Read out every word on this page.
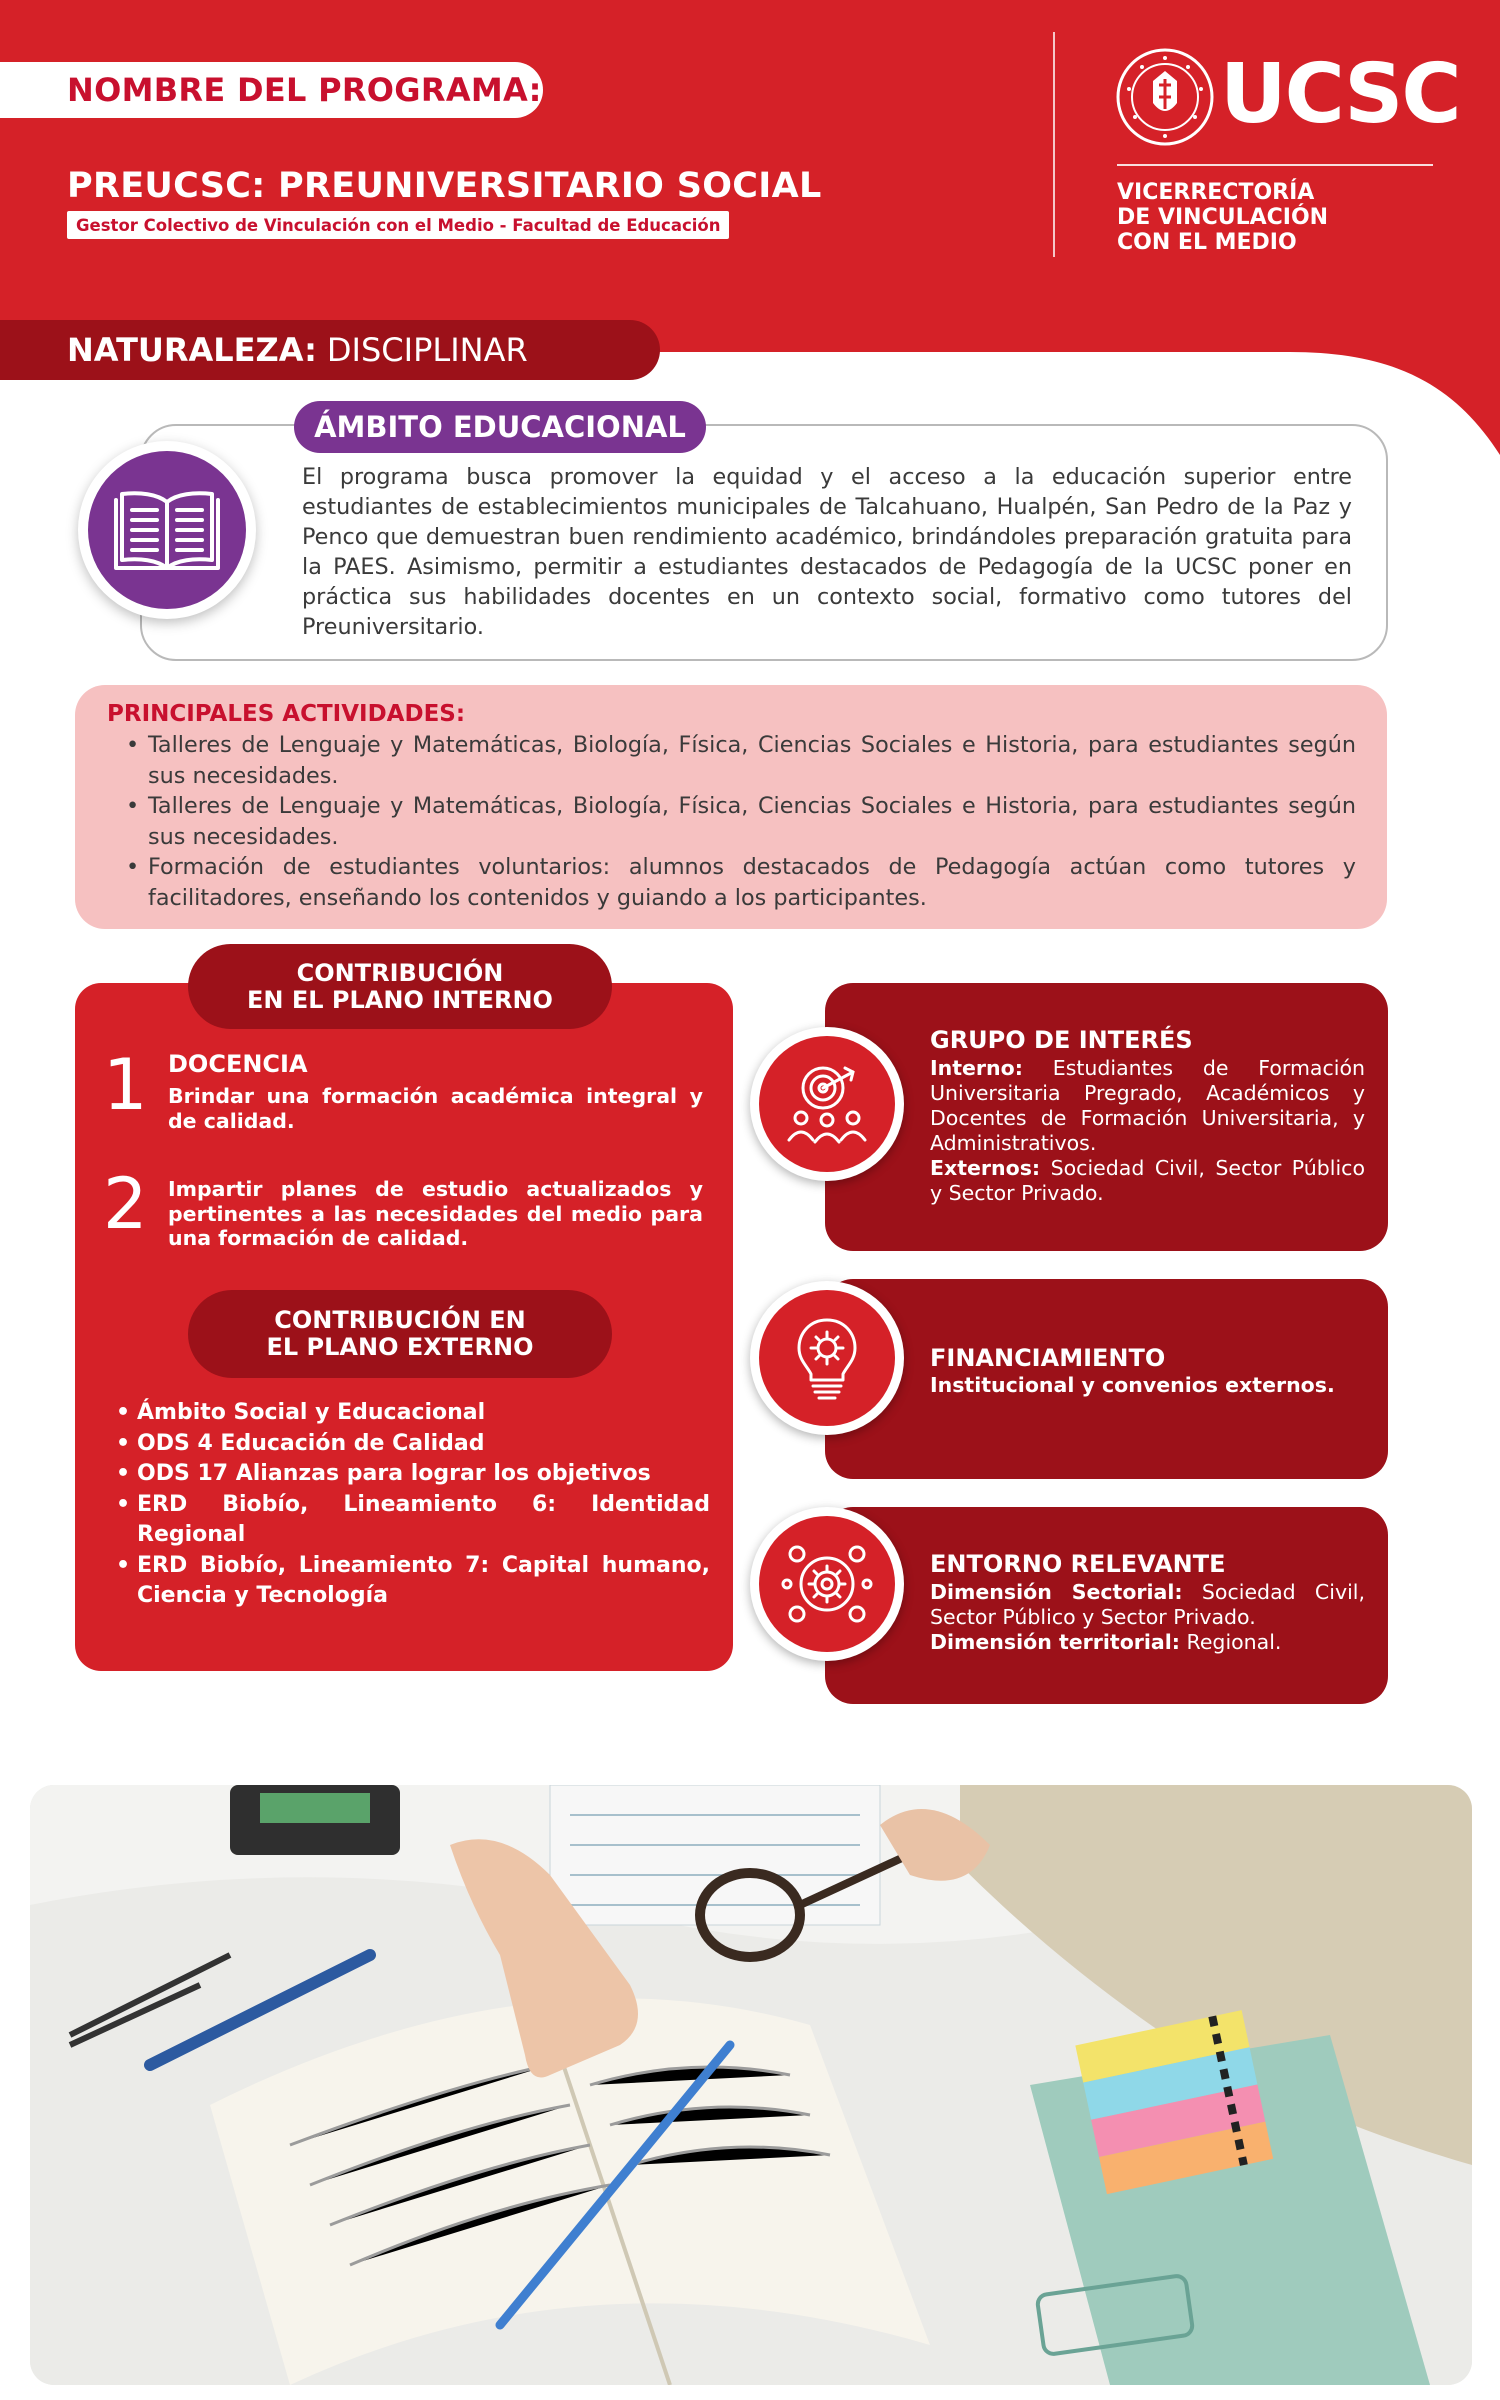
NOMBRE DEL PROGRAMA:
PREUCSC: PREUNIVERSITARIO SOCIAL
Gestor Colectivo de Vinculación con el Medio - Facultad de Educación
UCSC
VICERRECTORÍA
DE VINCULACIÓN
CON EL MEDIO
NATURALEZA: DISCIPLINAR
ÁMBITO EDUCACIONAL
El programa busca promover la equidad y el acceso a la educación superior entre estudiantes de establecimientos municipales de Talcahuano, Hualpén, San Pedro de la Paz y Penco que demuestran buen rendimiento académico, brindándoles preparación gratuita para la PAES. Asimismo, permitir a estudiantes destacados de Pedagogía de la UCSC poner en práctica sus habilidades docentes en un contexto social, formativo como tutores del Preuniversitario.
PRINCIPALES ACTIVIDADES:
• Talleres de Lenguaje y Matemáticas, Biología, Física, Ciencias Sociales e Historia, para estudiantes según sus necesidades.
• Talleres de Lenguaje y Matemáticas, Biología, Física, Ciencias Sociales e Historia, para estudiantes según sus necesidades.
• Formación de estudiantes voluntarios: alumnos destacados de Pedagogía actúan como tutores y facilitadores, enseñando los contenidos y guiando a los participantes.
CONTRIBUCIÓN
EN EL PLANO INTERNO
1 DOCENCIA
Brindar una formación académica integral y de calidad.
2 Impartir planes de estudio actualizados y pertinentes a las necesidades del medio para una formación de calidad.
CONTRIBUCIÓN EN
EL PLANO EXTERNO
• Ámbito Social y Educacional
• ODS 4 Educación de Calidad
• ODS 17 Alianzas para lograr los objetivos
• ERD Biobío, Lineamiento 6: Identidad Regional
• ERD Biobío, Lineamiento 7: Capital humano, Ciencia y Tecnología
GRUPO DE INTERÉS
Interno: Estudiantes de Formación Universitaria Pregrado, Académicos y Docentes de Formación Universitaria, y Administrativos.
Externos: Sociedad Civil, Sector Público y Sector Privado.
FINANCIAMIENTO
Institucional y convenios externos.
ENTORNO RELEVANTE
Dimensión Sectorial: Sociedad Civil, Sector Público y Sector Privado.
Dimensión territorial: Regional.
